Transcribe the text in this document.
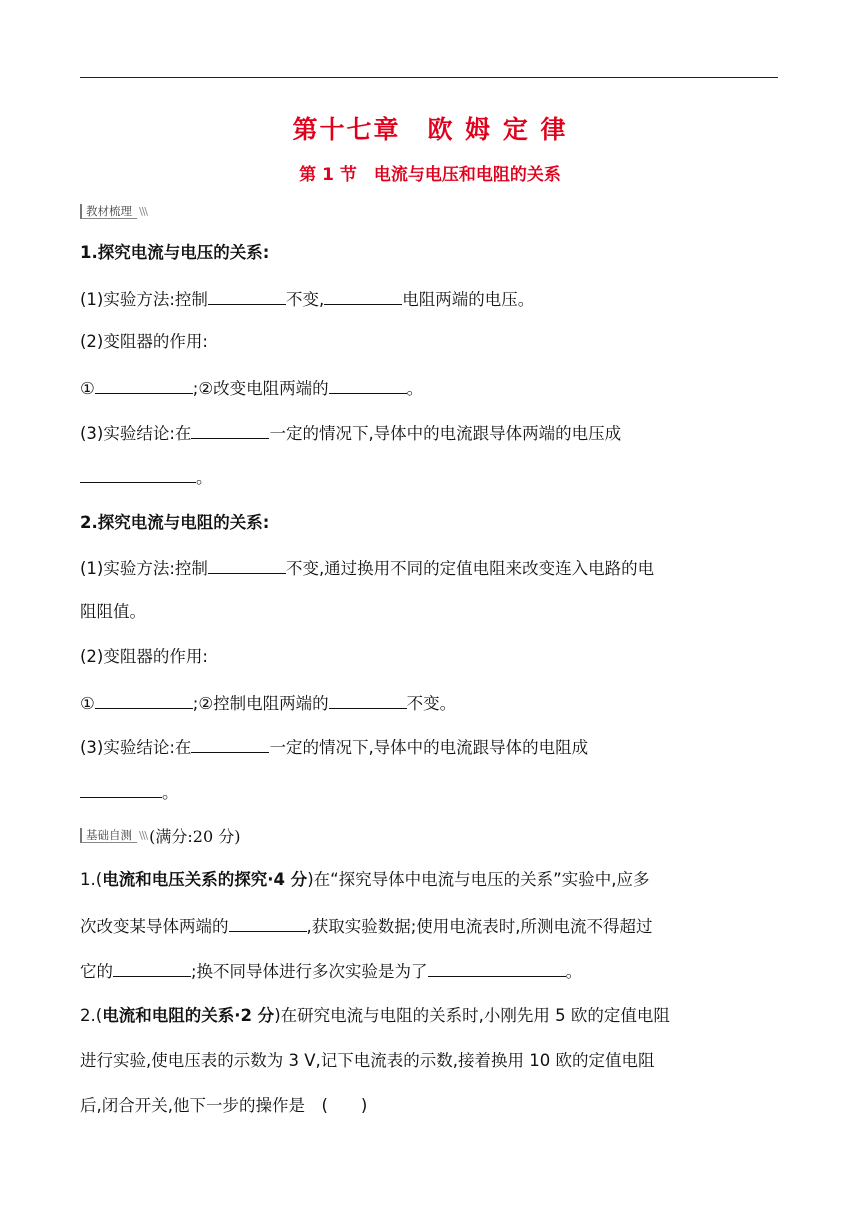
第十七章　欧 姆 定 律
第 1 节　电流与电压和电阻的关系
教材梳理 \\\
1.探究电流与电压的关系:
(1)实验方法:控制	不变,	电阻两端的电压。
(2)变阻器的作用:
①	;②改变电阻两端的	。
(3)实验结论:在	一定的情况下,导体中的电流跟导体两端的电压成
。
2.探究电流与电阻的关系:
(1)实验方法:控制	不变,通过换用不同的定值电阻来改变连入电路的电
阻阻值。
(2)变阻器的作用:
①	;②控制电阻两端的	不变。
(3)实验结论:在	一定的情况下,导体中的电流跟导体的电阻成
。
基础自测 \\\ (满分:20 分)
1.(电流和电压关系的探究·4 分)在“探究导体中电流与电压的关系”实验中,应多
次改变某导体两端的	,获取实验数据;使用电流表时,所测电流不得超过
它的	;换不同导体进行多次实验是为了	。
2.(电流和电阻的关系·2 分)在研究电流与电阻的关系时,小刚先用 5 欧的定值电阻
进行实验,使电压表的示数为 3 V,记下电流表的示数,接着换用 10 欧的定值电阻
后,闭合开关,他下一步的操作是　(　　)
